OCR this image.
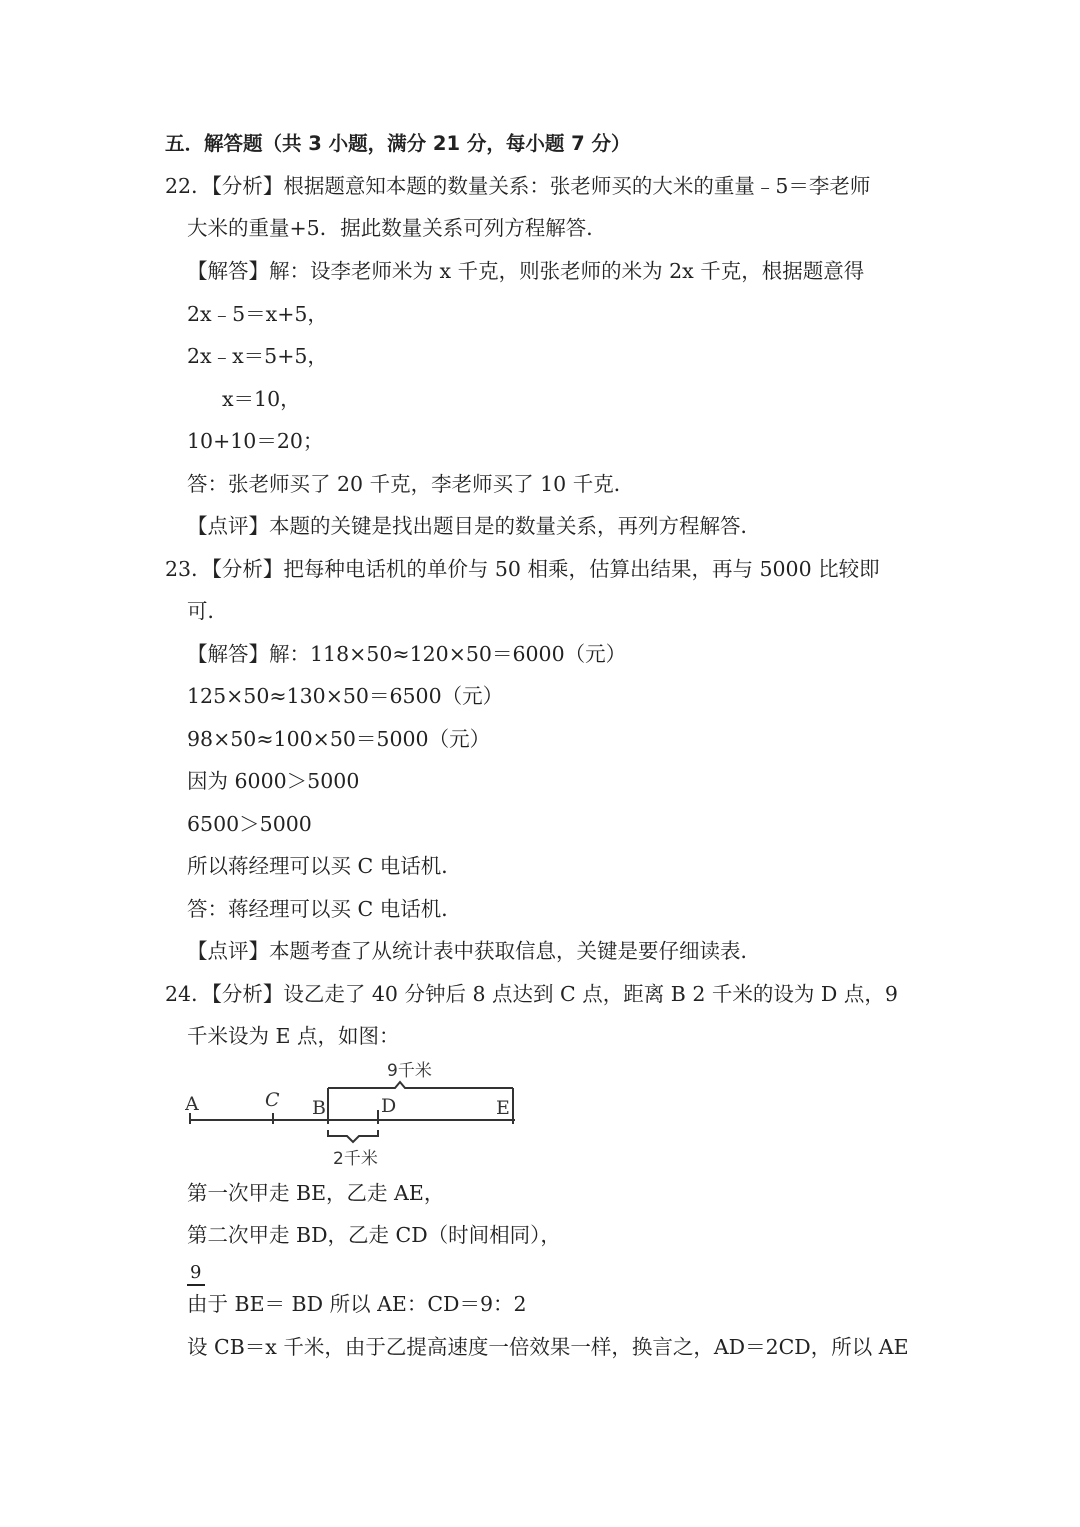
五．解答题（共 3 小题，满分 21 分，每小题 7 分）
22．【分析】根据题意知本题的数量关系：张老师买的大米的重量﹣5＝李老师
大米的重量+5．据此数量关系可列方程解答．
【解答】解：设李老师米为 x 千克，则张老师的米为 2x 千克，根据题意得
2x﹣5＝x+5，
2x﹣x＝5+5，
x＝10，
10+10＝20；
答：张老师买了 20 千克，李老师买了 10 千克．
【点评】本题的关键是找出题目是的数量关系，再列方程解答．
23．【分析】把每种电话机的单价与 50 相乘，估算出结果，再与 5000 比较即
可．
【解答】解：118×50≈120×50＝6000（元）
125×50≈130×50＝6500（元）
98×50≈100×50＝5000（元）
因为 6000＞5000
6500＞5000
所以蒋经理可以买 C 电话机．
答：蒋经理可以买 C 电话机．
【点评】本题考查了从统计表中获取信息，关键是要仔细读表．
24．【分析】设乙走了 40 分钟后 8 点达到 C 点，距离 B 2 千米的设为 D 点，9
千米设为 E 点，如图：
A	C B	D	E
9千米
2千米
第一次甲走 BE，乙走 AE，
第二次甲走 BD，乙走 CD（时间相同），
9
由于 BE＝ BD 所以 AE：CD＝9：2
设 CB＝x 千米，由于乙提高速度一倍效果一样，换言之，AD＝2CD，所以 AE
